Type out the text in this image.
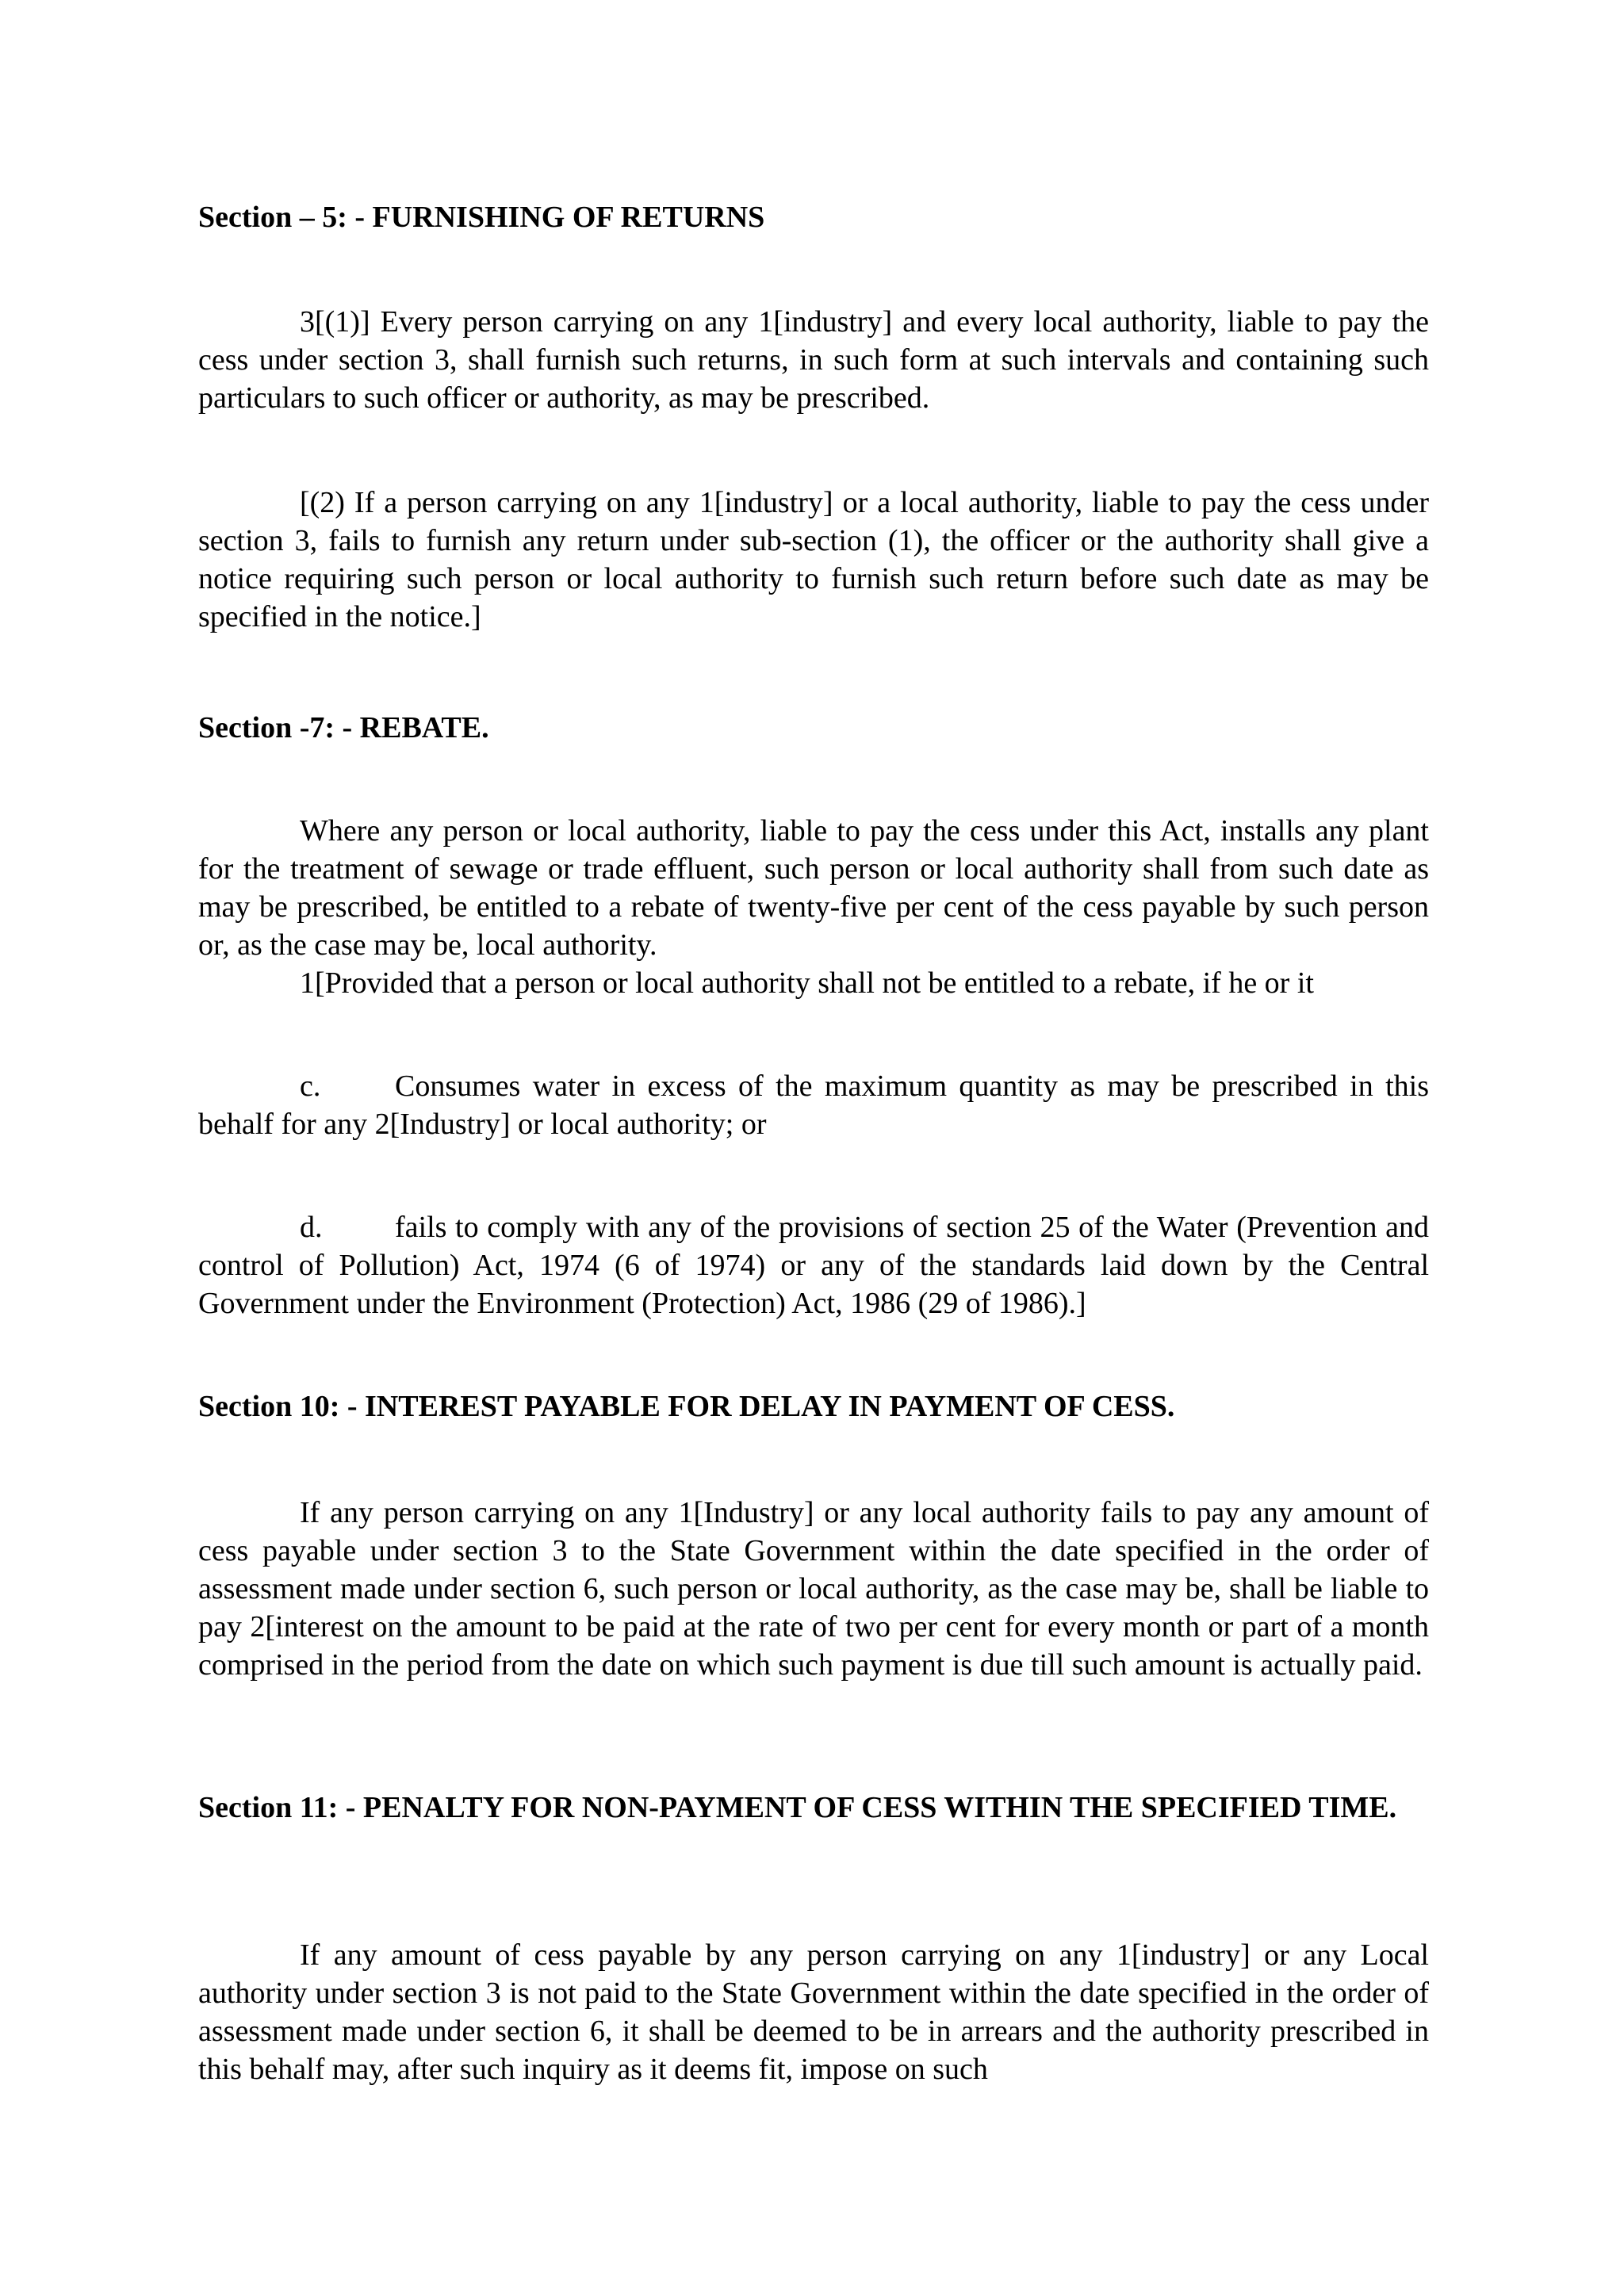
Section – 5: - FURNISHING OF RETURNS

3[(1)] Every person carrying on any 1[industry] and every local authority, liable to pay the cess under section 3, shall furnish such returns, in such form at such intervals and containing such particulars to such officer or authority, as may be prescribed.

[(2) If a person carrying on any 1[industry] or a local authority, liable to pay the cess under section 3, fails to furnish any return under sub-section (1), the officer or the authority shall give a notice requiring such person or local authority to furnish such return before such date as may be specified in the notice.]

Section -7: - REBATE.

Where any person or local authority, liable to pay the cess under this Act, installs any plant for the treatment of sewage or trade effluent, such person or local authority shall from such date as may be prescribed, be entitled to a rebate of twenty-five per cent of the cess payable by such person or, as the case may be, local authority.

1[Provided that a person or local authority shall not be entitled to a rebate, if he or it

c. Consumes water in excess of the maximum quantity as may be prescribed in this behalf for any 2[Industry] or local authority; or

d. fails to comply with any of the provisions of section 25 of the Water (Prevention and control of Pollution) Act, 1974 (6 of 1974) or any of the standards laid down by the Central Government under the Environment (Protection) Act, 1986 (29 of 1986).]

Section 10: - INTEREST PAYABLE FOR DELAY IN PAYMENT OF CESS.

If any person carrying on any 1[Industry] or any local authority fails to pay any amount of cess payable under section 3 to the State Government within the date specified in the order of assessment made under section 6, such person or local authority, as the case may be, shall be liable to pay 2[interest on the amount to be paid at the rate of two per cent for every month or part of a month comprised in the period from the date on which such payment is due till such amount is actually paid.

Section 11: - PENALTY FOR NON-PAYMENT OF CESS WITHIN THE SPECIFIED TIME.

If any amount of cess payable by any person carrying on any 1[industry] or any Local authority under section 3 is not paid to the State Government within the date specified in the order of assessment made under section 6, it shall be deemed to be in arrears and the authority prescribed in this behalf may, after such inquiry as it deems fit, impose on such
